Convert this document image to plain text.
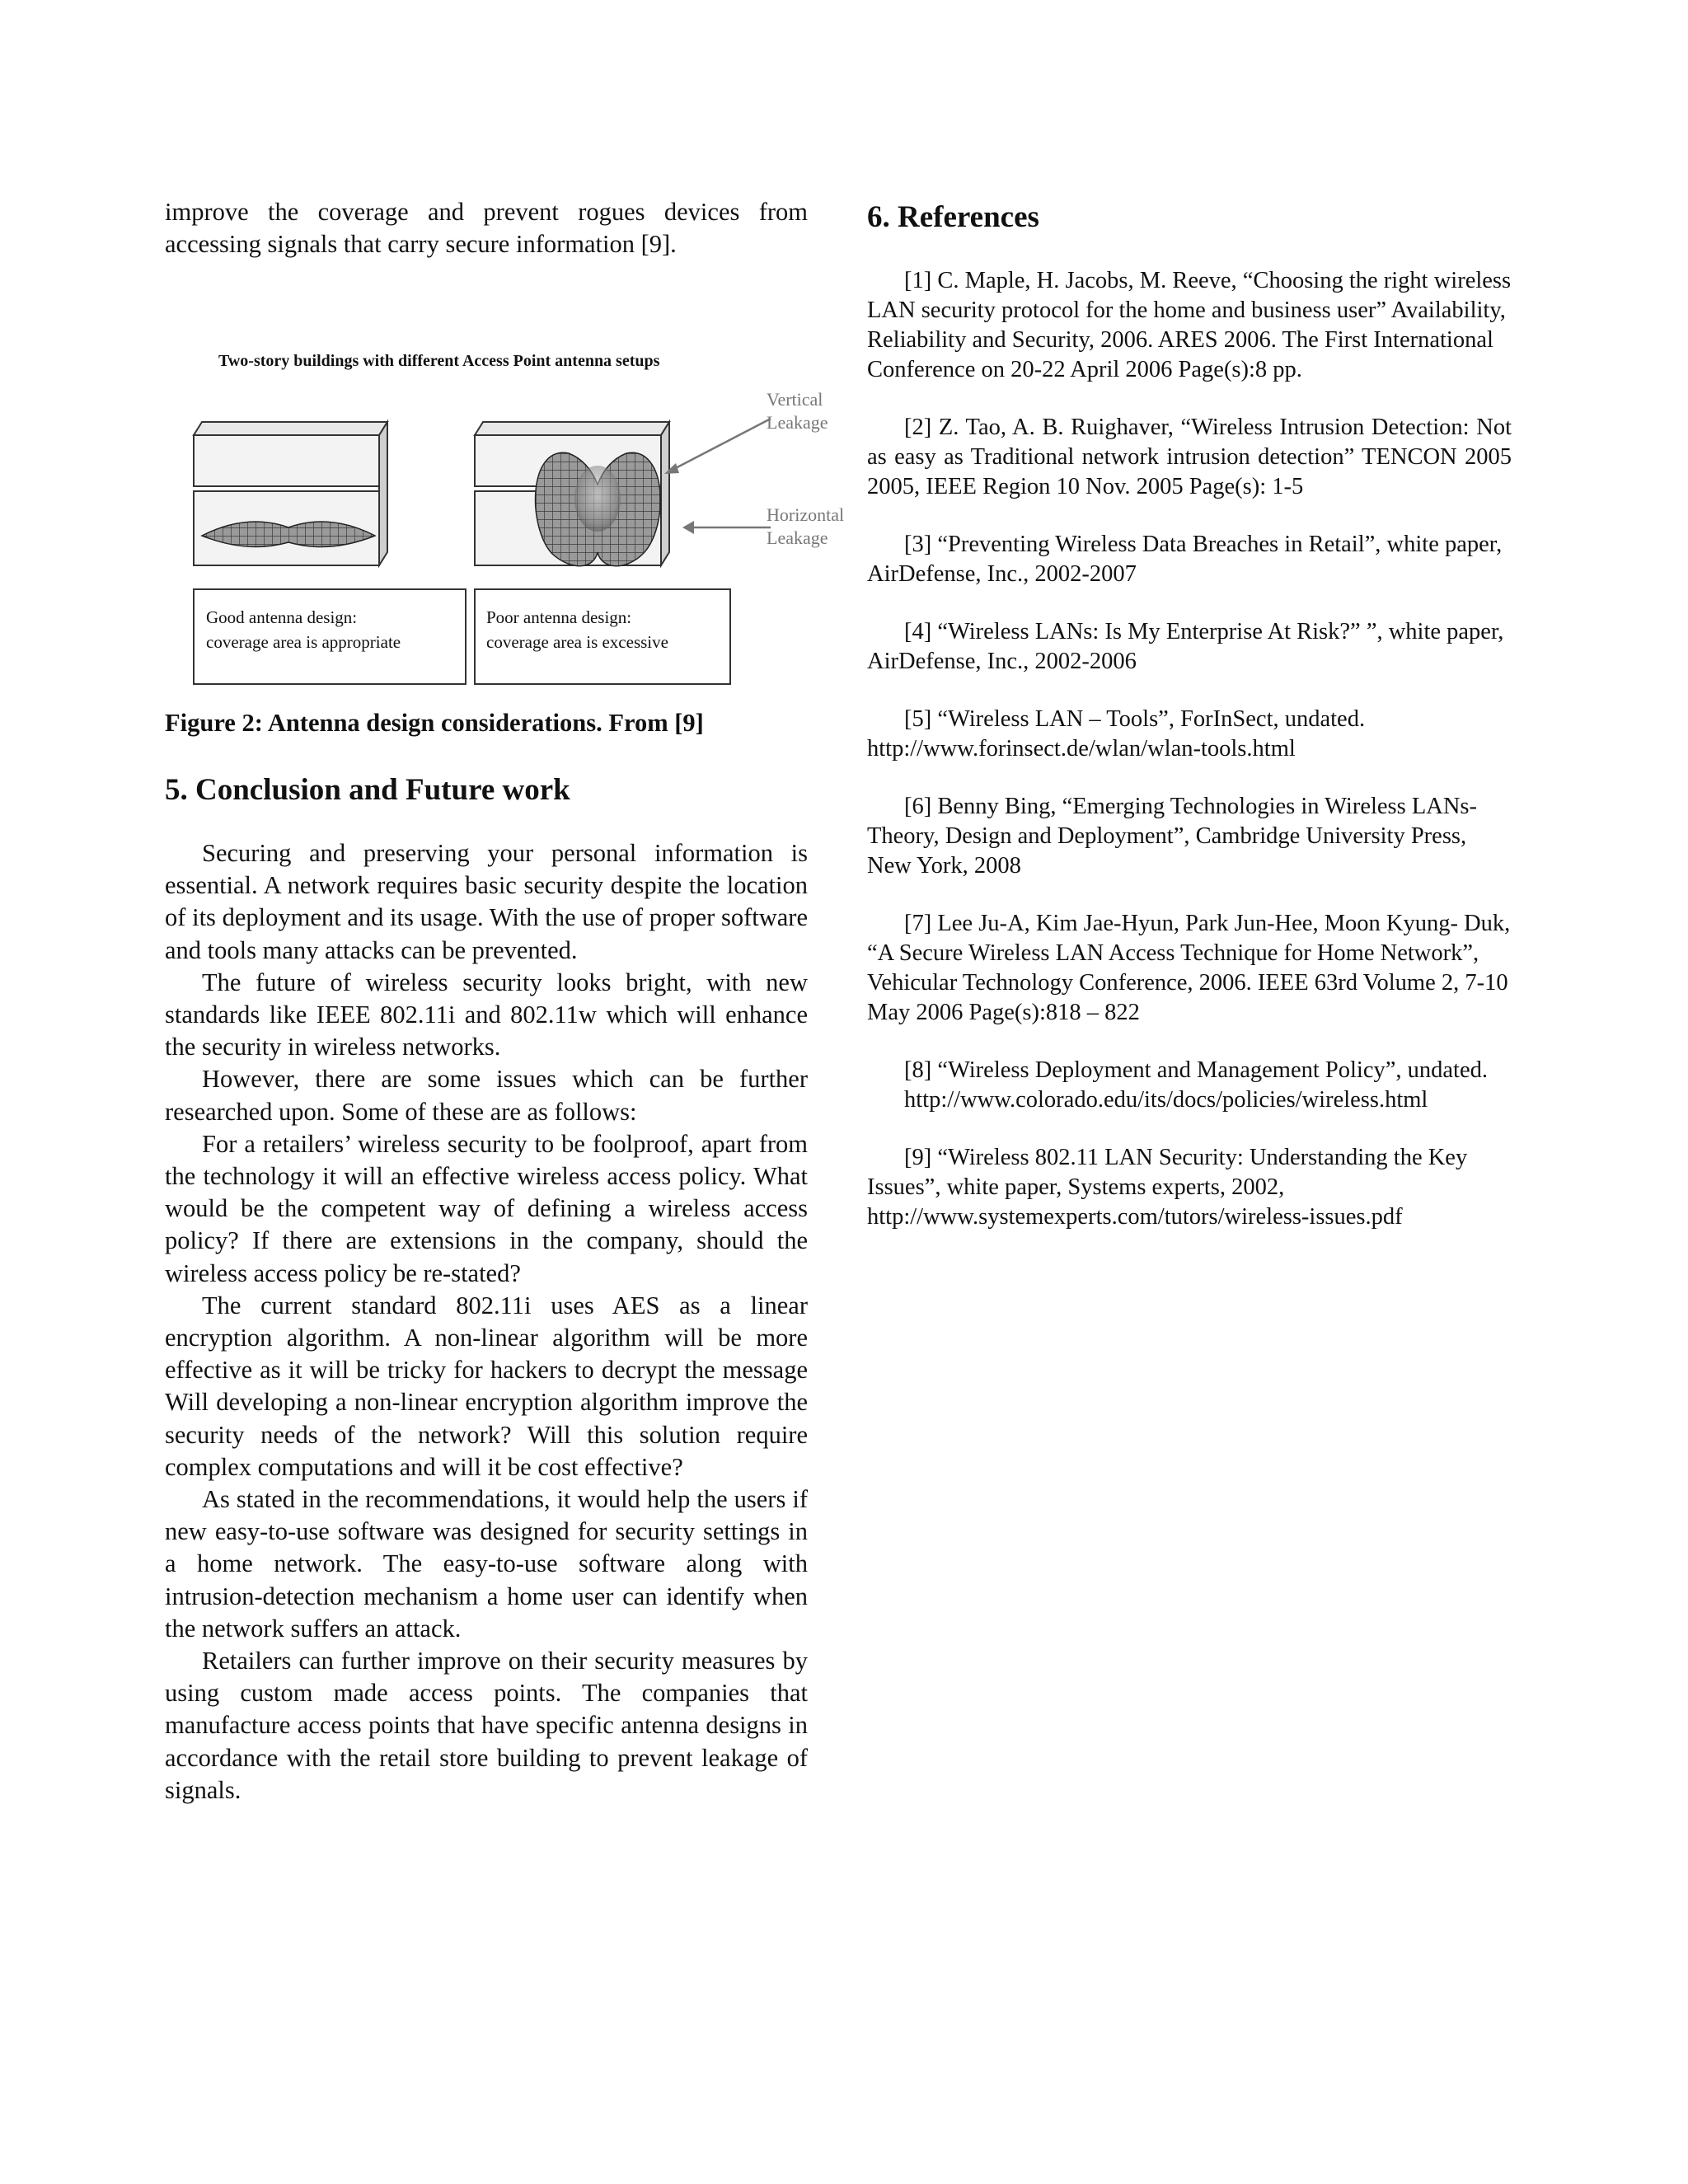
improve the coverage and prevent rogues devices from
accessing signals that carry secure information [9].

Two-story buildings with different Access Point antenna setups
Vertical
Leakage
Horizontal
Leakage
Good antenna design:
coverage area is appropriate
Poor antenna design:
coverage area is excessive

Figure 2: Antenna design considerations. From [9]

5. Conclusion and Future work

Securing and preserving your personal information is essential. A network requires basic security despite the location of its deployment and its usage. With the use of proper software and tools many attacks can be prevented.

The future of wireless security looks bright, with new standards like IEEE 802.11i and 802.11w which will enhance the security in wireless networks.

However, there are some issues which can be further researched upon. Some of these are as follows:

For a retailers’ wireless security to be foolproof, apart from the technology it will an effective wireless access policy. What would be the competent way of defining a wireless access policy? If there are extensions in the company, should the wireless access policy be re-stated?

The current standard 802.11i uses AES as a linear encryption algorithm. A non-linear algorithm will be more effective as it will be tricky for hackers to decrypt the message Will developing a non-linear encryption algorithm improve the security needs of the network? Will this solution require complex computations and will it be cost effective?

As stated in the recommendations, it would help the users if new easy-to-use software was designed for security settings in a home network. The easy-to-use software along with intrusion-detection mechanism a home user can identify when the network suffers an attack.

Retailers can further improve on their security measures by using custom made access points. The companies that manufacture access points that have specific antenna designs in accordance with the retail store building to prevent leakage of signals.

6. References

[1] C. Maple, H. Jacobs, M. Reeve, “Choosing the right wireless LAN security protocol for the home and business user” Availability, Reliability and Security, 2006. ARES 2006. The First International Conference on 20-22 April 2006 Page(s):8 pp.

[2] Z. Tao, A. B. Ruighaver, “Wireless Intrusion Detection: Not as easy as Traditional network intrusion detection” TENCON 2005 2005, IEEE Region 10 Nov. 2005 Page(s): 1-5

[3] “Preventing Wireless Data Breaches in Retail”, white paper, AirDefense, Inc., 2002-2007

[4] “Wireless LANs: Is My Enterprise At Risk?” ”, white paper, AirDefense, Inc., 2002-2006

[5] “Wireless LAN – Tools”, ForInSect, undated. http://www.forinsect.de/wlan/wlan-tools.html

[6] Benny Bing, “Emerging Technologies in Wireless LANs- Theory, Design and Deployment”, Cambridge University Press, New York, 2008

[7] Lee Ju-A, Kim Jae-Hyun, Park Jun-Hee, Moon Kyung- Duk, “A Secure Wireless LAN Access Technique for Home Network”, Vehicular Technology Conference, 2006. IEEE 63rd Volume 2, 7-10 May 2006 Page(s):818 – 822

[8] “Wireless Deployment and Management Policy”, undated.

http://www.colorado.edu/its/docs/policies/wireless.html

[9] “Wireless 802.11 LAN Security: Understanding the Key Issues”, white paper, Systems experts, 2002, http://www.systemexperts.com/tutors/wireless-issues.pdf
